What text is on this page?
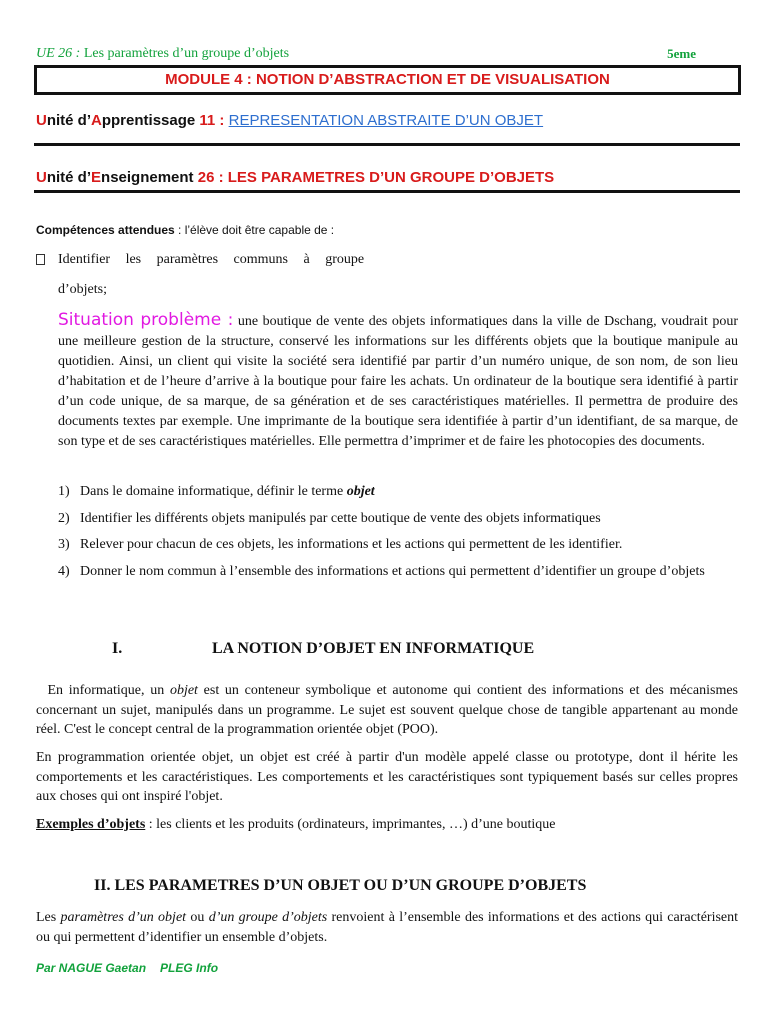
UE 26 : Les paramètres d’un groupe d’objets	5eme
MODULE 4 : NOTION D’ABSTRACTION ET DE VISUALISATION
Unité d’Apprentissage 11 : REPRESENTATION ABSTRAITE D’UN OBJET
Unité d’Enseignement 26 : LES PARAMETRES D’UN GROUPE D’OBJETS
Compétences attendues : l’élève doit être capable de :
Identifier les paramètres communs à groupe
d’objets;
Situation problème : une boutique de vente des objets informatiques dans la ville de Dschang, voudrait pour une meilleure gestion de la structure, conservé les informations sur les différents objets que la boutique manipule au quotidien. Ainsi, un client qui visite la société sera identifié par partir d’un numéro unique, de son nom, de son lieu d’habitation et de l’heure d’arrive à la boutique pour faire les achats. Un ordinateur de la boutique sera identifié à partir d’un code unique, de sa marque, de sa génération et de ses caractéristiques matérielles. Il permettra de produire des documents textes par exemple. Une imprimante de la boutique sera identifiée à partir d’un identifiant, de sa marque, de son type et de ses caractéristiques matérielles. Elle permettra d’imprimer et de faire les photocopies des documents.
1) Dans le domaine informatique, définir le terme objet
2) Identifier les différents objets manipulés par cette boutique de vente des objets informatiques
3) Relever pour chacun de ces objets, les informations et les actions qui permettent de les identifier.
4) Donner le nom commun à l’ensemble des informations et actions qui permettent d’identifier un groupe d’objets
I.	LA NOTION D’OBJET EN INFORMATIQUE
En informatique, un objet est un conteneur symbolique et autonome qui contient des informations et des mécanismes concernant un sujet, manipulés dans un programme. Le sujet est souvent quelque chose de tangible appartenant au monde réel. C'est le concept central de la programmation orientée objet (POO).
En programmation orientée objet, un objet est créé à partir d'un modèle appelé classe ou prototype, dont il hérite les comportements et les caractéristiques. Les comportements et les caractéristiques sont typiquement basés sur celles propres aux choses qui ont inspiré l'objet.
Exemples d’objets : les clients et les produits (ordinateurs, imprimantes, …) d’une boutique
II. LES PARAMETRES D’UN OBJET OU D’UN GROUPE D’OBJETS
Les paramètres d’un objet ou d’un groupe d’objets renvoient à l’ensemble des informations et des actions qui caractérisent ou qui permettent d’identifier un ensemble d’objets.
Par NAGUE Gaetan PLEG Info
